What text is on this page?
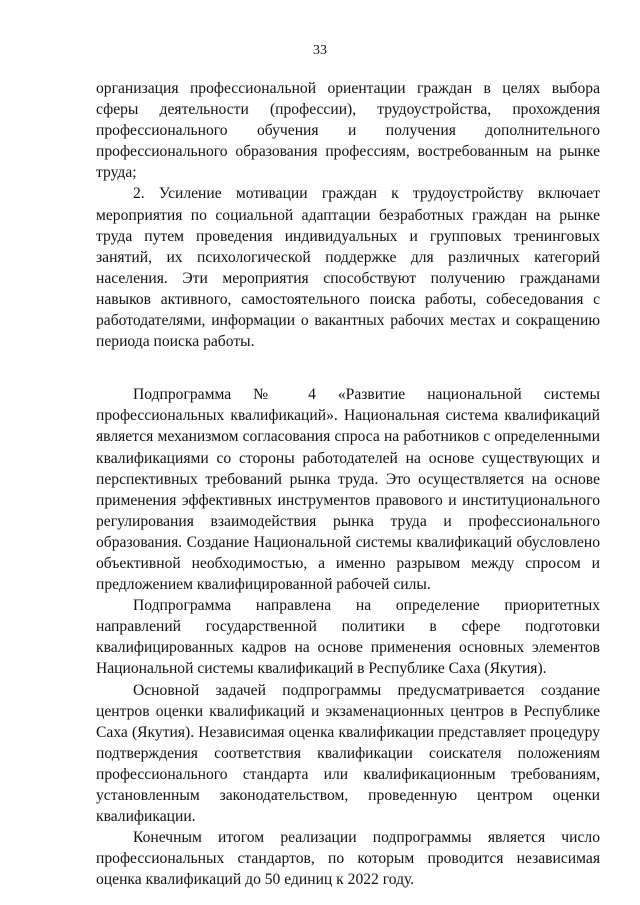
33

организация профессиональной ориентации граждан в целях выбора сферы деятельности (профессии), трудоустройства, прохождения профессионального обучения и получения дополнительного профессионального образования профессиям, востребованным на рынке труда;

2. Усиление мотивации граждан к трудоустройству включает мероприятия по социальной адаптации безработных граждан на рынке труда путем проведения индивидуальных и групповых тренинговых занятий, их психологической поддержке для различных категорий населения. Эти мероприятия способствуют получению гражданами навыков активного, самостоятельного поиска работы, собеседования с работодателями, информации о вакантных рабочих местах и сокращению периода поиска работы.

Подпрограмма № 4 «Развитие национальной системы профессиональных квалификаций». Национальная система квалификаций является механизмом согласования спроса на работников с определенными квалификациями со стороны работодателей на основе существующих и перспективных требований рынка труда. Это осуществляется на основе применения эффективных инструментов правового и институционального регулирования взаимодействия рынка труда и профессионального образования. Создание Национальной системы квалификаций обусловлено объективной необходимостью, а именно разрывом между спросом и предложением квалифицированной рабочей силы.

Подпрограмма направлена на определение приоритетных направлений государственной политики в сфере подготовки квалифицированных кадров на основе применения основных элементов Национальной системы квалификаций в Республике Саха (Якутия).

Основной задачей подпрограммы предусматривается создание центров оценки квалификаций и экзаменационных центров в Республике Саха (Якутия). Независимая оценка квалификации представляет процедуру подтверждения соответствия квалификации соискателя положениям профессионального стандарта или квалификационным требованиям, установленным законодательством, проведенную центром оценки квалификации.

Конечным итогом реализации подпрограммы является число профессиональных стандартов, по которым проводится независимая оценка квалификаций до 50 единиц к 2022 году.
